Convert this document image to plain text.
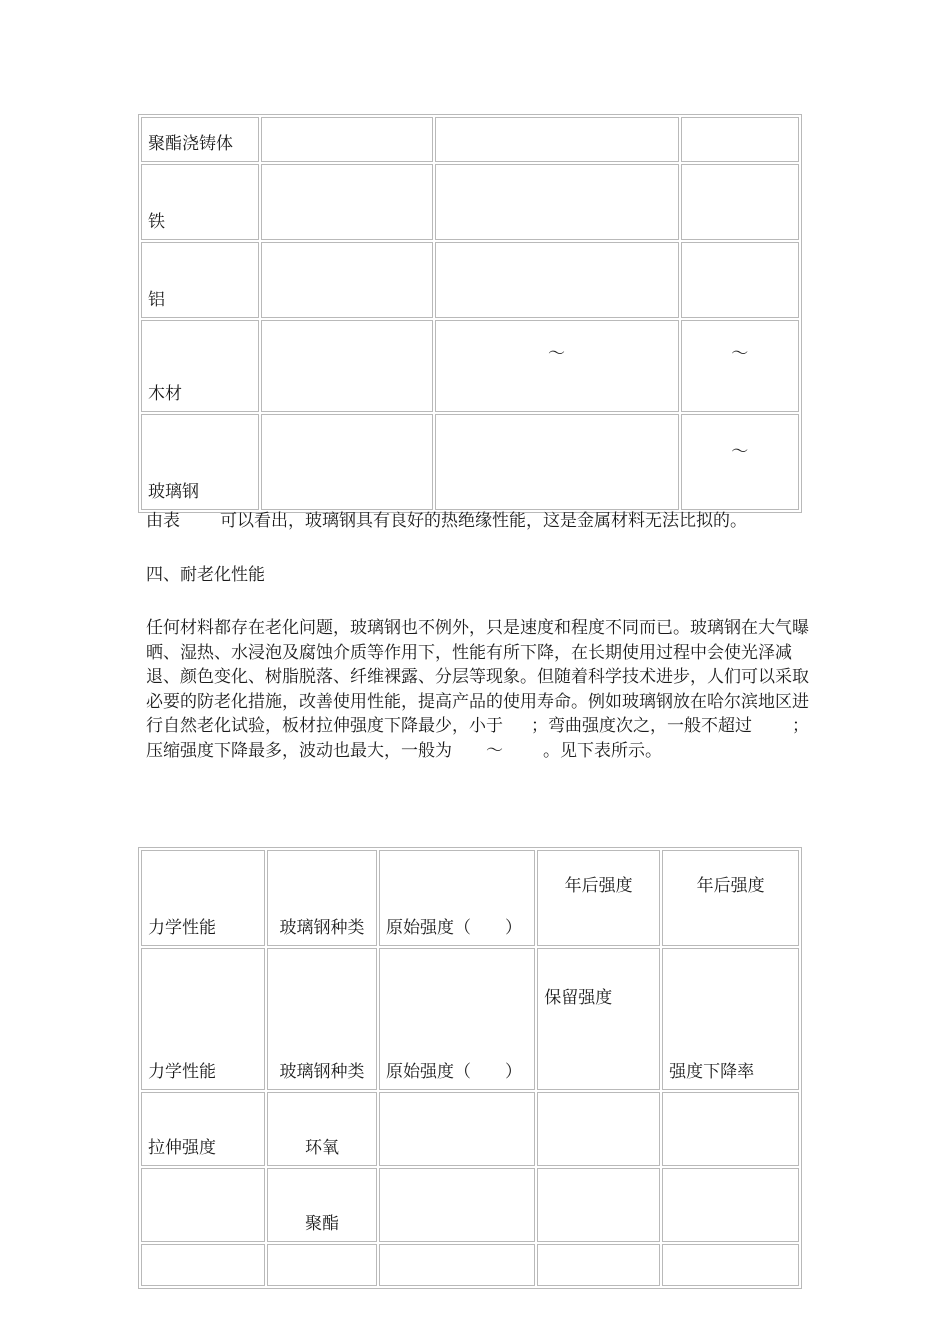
聚酯浇铸体			
铁			
铝			
木材		～	～
玻璃钢			～

由表 可以看出，玻璃钢具有良好的热绝缘性能，这是金属材料无法比拟的。

四、耐老化性能

任何材料都存在老化问题，玻璃钢也不例外，只是速度和程度不同而已。玻璃钢在大气曝晒、湿热、水浸泡及腐蚀介质等作用下，性能有所下降，在长期使用过程中会使光泽减退、颜色变化、树脂脱落、纤维裸露、分层等现象。但随着科学技术进步，人们可以采取必要的防老化措施，改善使用性能，提高产品的使用寿命。例如玻璃钢放在哈尔滨地区进行自然老化试验，板材拉伸强度下降最少，小于 ；弯曲强度次之，一般不超过 ；压缩强度下降最多，波动也最大，一般为 ～ 。见下表所示。

力学性能	玻璃钢种类	原始强度（　　）	年后强度	年后强度
力学性能	玻璃钢种类	原始强度（　　）	保留强度	强度下降率
拉伸强度	环氧			
	聚酯			
